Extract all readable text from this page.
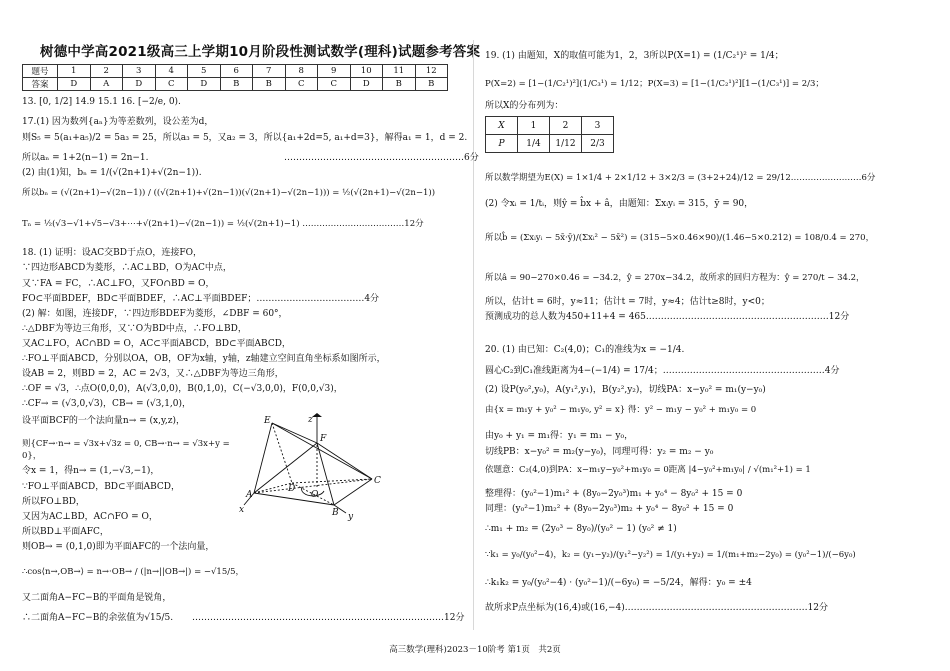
树德中学高2021级高三上学期10月阶段性测试数学(理科)试题参考答案
题号	1	2	3	4	5	6	7	8	9	10	11	12
答案	D	A	D	C	D	B	B	C	C	D	B	B
13. [0, 1/2] 14.9 15.1 16. [−2/e, 0).
17.(1) 因为数列{aₙ}为等差数列，设公差为d，
则S₅ = 5(a₁+a₅)/2 = 5a₃ = 25，所以a₃ = 5，又a₂ = 3，所以{a₁+2d=5, a₁+d=3}，解得a₁ = 1，d = 2.
所以aₙ = 1+2(n−1) = 2n−1.	……………………………………………………6分
(2) 由(1)知，bₙ = 1/(√(2n+1)+√(2n−1)).
所以bₙ = (√(2n+1)−√(2n−1)) / ((√(2n+1)+√(2n−1))(√(2n+1)−√(2n−1))) = ½(√(2n+1)−√(2n−1))
Tₙ = ½(√3−√1+√5−√3+⋯+√(2n+1)−√(2n−1)) = ½(√(2n+1)−1) ………………………………12分
18. (1) 证明：设AC交BD于点O，连接FO，
∵四边形ABCD为菱形，∴AC⊥BD，O为AC中点，
又∵FA = FC，∴AC⊥FO，又FO∩BD = O，
FO⊂平面BDEF，BD⊂平面BDEF，∴AC⊥平面BDEF；………………………………4分
(2) 解：如图，连接DF，∵四边形BDEF为菱形，∠DBF = 60°，
∴△DBF为等边三角形，又∵O为BD中点，∴FO⊥BD，
又AC⊥FO，AC∩BD = O，AC⊂平面ABCD，BD⊂平面ABCD，
∴FO⊥平面ABCD，分别以OA，OB，OF为x轴，y轴，z轴建立空间直角坐标系如图所示，
设AB = 2，则BD = 2，AC = 2√3，又∴△DBF为等边三角形，
∴OF = √3，∴点O(0,0,0)，A(√3,0,0)，B(0,1,0)，C(−√3,0,0)，F(0,0,√3)，
∴CF→ = (√3,0,√3)，CB→ = (√3,1,0)，
设平面BCF的一个法向量n→ = (x,y,z)，
则{CF→·n→ = √3x+√3z = 0, CB→·n→ = √3x+y = 0}，
令x = 1，得n→ = (1,−√3,−1)，
∵FO⊥平面ABCD，BD⊂平面ABCD，
所以FO⊥BD，
又因为AC⊥BD，AC∩FO = O，
所以BD⊥平面AFC，
则OB→ = (0,1,0)即为平面AFC的一个法向量，
∴cos⟨n→,OB→⟩ = n→·OB→ / (|n→||OB→|) = −√15/5，
又二面角A−FC−B的平面角是锐角，
∴二面角A−FC−B的余弦值为√15/5. …………………………………………………………………………12分
E
F
z
C
D
O
A
B
x
y
19. (1) 由题知，X的取值可能为1，2，3所以P(X=1) = (1/C₂¹)² = 1/4；
P(X=2) = [1−(1/C₂¹)²](1/C₃¹) = 1/12；P(X=3) = [1−(1/C₂¹)²][1−(1/C₃¹)] = 2/3；
所以X的分布列为：
所以数学期望为E(X) = 1×1/4 + 2×1/12 + 3×2/3 = (3+2+24)/12 = 29/12.……………………6分
(2) 令xᵢ = 1/tᵢ，则ŷ = b̂x + â，由题知：Σxᵢyᵢ = 315，ȳ = 90，
所以b̂ = (Σxᵢyᵢ − 5x̄·ȳ)/(Σxᵢ² − 5x̄²) = (315−5×0.46×90)/(1.46−5×0.212) = 108/0.4 = 270，
所以â = 90−270×0.46 = −34.2，ŷ = 270x−34.2，故所求的回归方程为：ŷ = 270/t − 34.2，
所以，估计t = 6时，y≈11；估计t = 7时，y≈4；估计t≥8时，y<0；
预测成功的总人数为450+11+4 = 465.……………………………………………………12分
20. (1) 由已知：C₂(4,0)；C₁的准线为x = −1/4.
圆心C₂到C₁准线距离为4−(−1/4) = 17/4；………………………………………………4分
(2) 设P(y₀²,y₀)，A(y₁²,y₁)，B(y₂²,y₂)，切线PA：x−y₀² = m₁(y−y₀)
由{x = m₁y + y₀² − m₁y₀, y² = x} 得：y² − m₁y − y₀² + m₁y₀ = 0
由y₀ + y₁ = m₁得：y₁ = m₁ − y₀，
切线PB：x−y₀² = m₂(y−y₀)，同理可得：y₂ = m₂ − y₀
依题意：C₂(4,0)到PA：x−m₁y−y₀²+m₁y₀ = 0距离 |4−y₀²+m₁y₀| / √(m₁²+1) = 1
整理得：(y₀²−1)m₁² + (8y₀−2y₀³)m₁ + y₀⁴ − 8y₀² + 15 = 0
同理：(y₀²−1)m₂² + (8y₀−2y₀³)m₂ + y₀⁴ − 8y₀² + 15 = 0
∴m₁ + m₂ = (2y₀³ − 8y₀)/(y₀² − 1) (y₀² ≠ 1)
∵k₁ = y₀/(y₀²−4)，k₂ = (y₁−y₂)/(y₁²−y₂²) = 1/(y₁+y₂) = 1/(m₁+m₂−2y₀) = (y₀²−1)/(−6y₀)
∴k₁k₂ = y₀/(y₀²−4) · (y₀²−1)/(−6y₀) = −5/24，解得：y₀ = ±4
故所求P点坐标为(16,4)或(16,−4).……………………………………………………12分
X	1	2	3
P	1/4	1/12	2/3
高三数学(理科)2023－10阶考 第1页　共2页
